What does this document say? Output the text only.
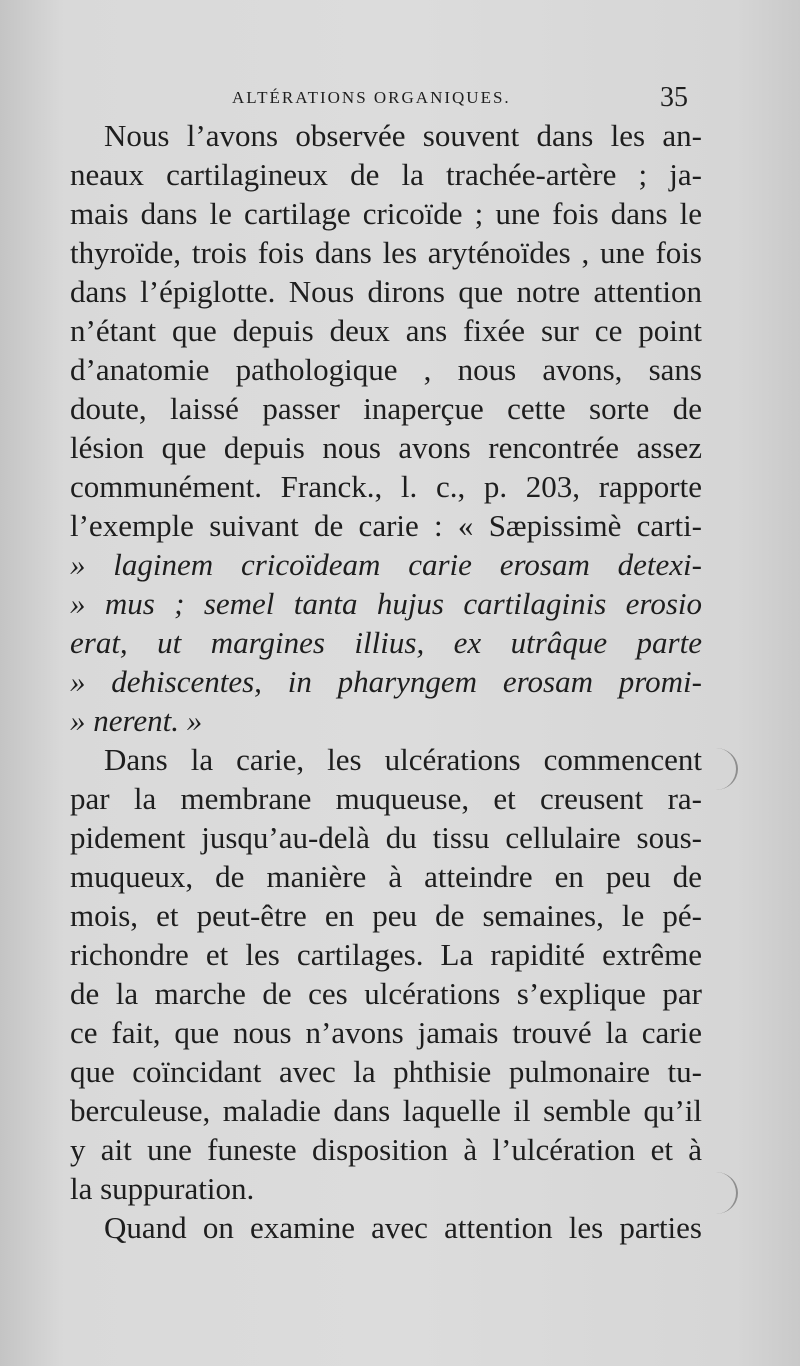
ALTÉRATIONS ORGANIQUES.	35
Nous l’avons observée souvent dans les an-
neaux cartilagineux de la trachée-artère ; ja-
mais dans le cartilage cricoïde ; une fois dans le
thyroïde, trois fois dans les aryténoïdes , une fois
dans l’épiglotte. Nous dirons que notre attention
n’étant que depuis deux ans fixée sur ce point
d’anatomie pathologique , nous avons, sans
doute, laissé passer inaperçue cette sorte de
lésion que depuis nous avons rencontrée assez
communément. Franck., l. c., p. 203, rapporte
l’exemple suivant de carie : « Sæpissimè carti-
» laginem cricoïdeam carie erosam detexi-
» mus ; semel tanta hujus cartilaginis erosio
erat, ut margines illius, ex utrâque parte
» dehiscentes, in pharyngem erosam promi-
» nerent. »
Dans la carie, les ulcérations commencent
par la membrane muqueuse, et creusent ra-
pidement jusqu’au-delà du tissu cellulaire sous-
muqueux, de manière à atteindre en peu de
mois, et peut-être en peu de semaines, le pé-
richondre et les cartilages. La rapidité extrême
de la marche de ces ulcérations s’explique par
ce fait, que nous n’avons jamais trouvé la carie
que coïncidant avec la phthisie pulmonaire tu-
berculeuse, maladie dans laquelle il semble qu’il
y ait une funeste disposition à l’ulcération et à
la suppuration.
Quand on examine avec attention les parties
